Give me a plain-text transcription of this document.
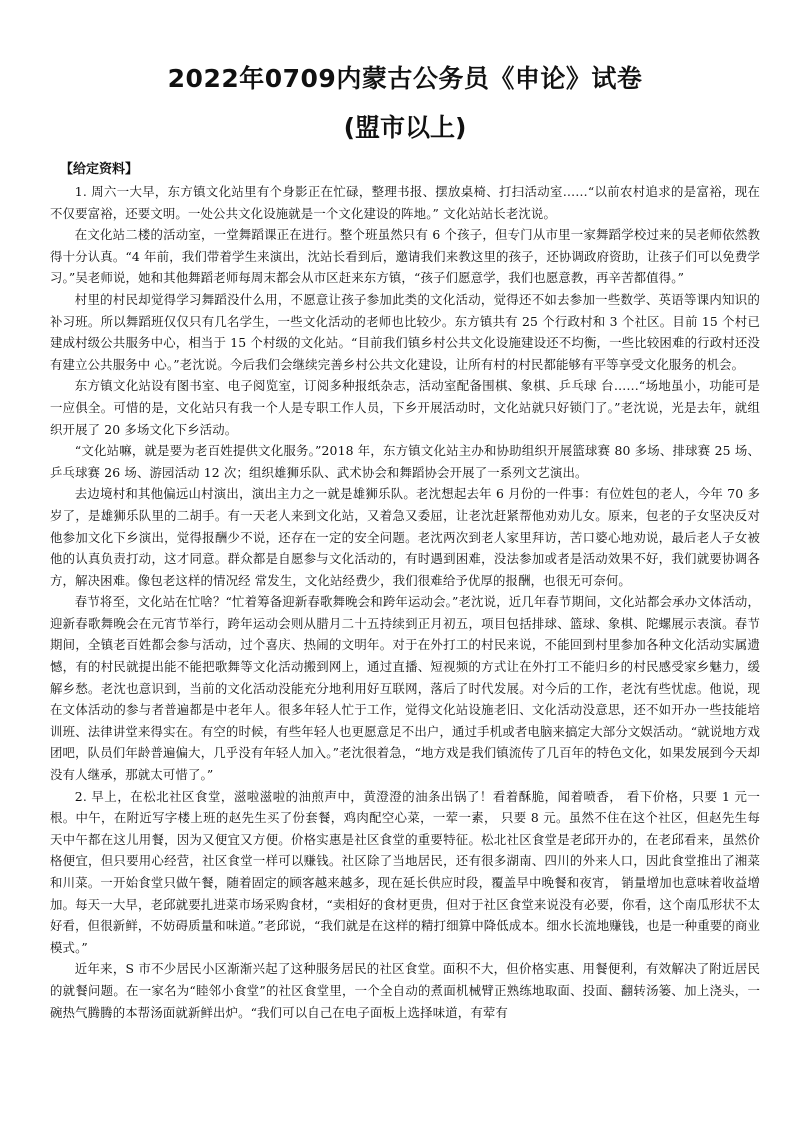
2022年0709内蒙古公务员《申论》试卷
(盟市以上)
【给定资料】

1. 周六一大早，东方镇文化站里有个身影正在忙碌，整理书报、摆放桌椅、打扫活动室……“以前农村追求的是富裕，现在不仅要富裕，还要文明。一处公共文化设施就是一个文化建设的阵地。” 文化站站长老沈说。

在文化站二楼的活动室，一堂舞蹈课正在进行。整个班虽然只有 6 个孩子，但专门从市里一家舞蹈学校过来的吴老师依然教得十分认真。“4 年前，我们带着学生来演出，沈站长看到后，邀请我们来教这里的孩子，还协调政府资助，让孩子们可以免费学习。”吴老师说，她和其他舞蹈老师每周末都会从市区赶来东方镇，“孩子们愿意学，我们也愿意教，再辛苦都值得。”

村里的村民却觉得学习舞蹈没什么用，不愿意让孩子参加此类的文化活动，觉得还不如去参加一些数学、英语等课内知识的补习班。所以舞蹈班仅仅只有几名学生，一些文化活动的老师也比较少。东方镇共有 25 个行政村和 3 个社区。目前 15 个村已建成村级公共服务中心，相当于 15 个村级的文化站。“目前我们镇乡村公共文化设施建设还不均衡，一些比较困难的行政村还没有建立公共服务中 心。”老沈说。今后我们会继续完善乡村公共文化建设，让所有村的村民都能够有平等享受文化服务的机会。

东方镇文化站设有图书室、电子阅览室，订阅多种报纸杂志，活动室配备围棋、象棋、乒乓球 台……“场地虽小，功能可是一应俱全。可惜的是，文化站只有我一个人是专职工作人员，下乡开展活动时，文化站就只好锁门了。”老沈说，光是去年，就组织开展了 20 多场文化下乡活动。

“文化站嘛，就是要为老百姓提供文化服务。”2018 年，东方镇文化站主办和协助组织开展篮球赛 80 多场、排球赛 25 场、乒乓球赛 26 场、游园活动 12 次；组织雄狮乐队、武术协会和舞蹈协会开展了一系列文艺演出。

去边境村和其他偏远山村演出，演出主力之一就是雄狮乐队。老沈想起去年 6 月份的一件事：有位姓包的老人，今年 70 多岁了，是雄狮乐队里的二胡手。有一天老人来到文化站，又着急又委屈，让老沈赶紧帮他劝劝儿女。原来，包老的子女坚决反对他参加文化下乡演出，觉得报酬少不说，还存在一定的安全问题。老沈两次到老人家里拜访，苦口婆心地劝说，最后老人子女被他的认真负责打动，这才同意。群众都是自愿参与文化活动的，有时遇到困难，没法参加或者是活动效果不好，我们就要协调各方，解决困难。像包老这样的情况经 常发生，文化站经费少，我们很难给予优厚的报酬，也很无可奈何。

春节将至，文化站在忙啥？“忙着筹备迎新春歌舞晚会和跨年运动会。”老沈说，近几年春节期间，文化站都会承办文体活动，迎新春歌舞晚会在元宵节举行，跨年运动会则从腊月二十五持续到正月初五，项目包括排球、篮球、象棋、陀螺展示表演。春节期间，全镇老百姓都会参与活动，过个喜庆、热闹的文明年。对于在外打工的村民来说，不能回到村里参加各种文化活动实属遗憾，有的村民就提出能不能把歌舞等文化活动搬到网上，通过直播、短视频的方式让在外打工不能归乡的村民感受家乡魅力，缓解乡愁。老沈也意识到，当前的文化活动没能充分地利用好互联网，落后了时代发展。对今后的工作，老沈有些忧虑。他说，现在文体活动的参与者普遍都是中老年人。很多年轻人忙于工作，觉得文化站设施老旧、文化活动没意思，还不如开办一些技能培训班、法律讲堂来得实在。有空的时候，有些年轻人也更愿意足不出户，通过手机或者电脑来搞定大部分文娱活动。“就说地方戏团吧，队员们年龄普遍偏大，几乎没有年轻人加入。”老沈很着急，“地方戏是我们镇流传了几百年的特色文化，如果发展到今天却没有人继承，那就太可惜了。”

2. 早上，在松北社区食堂，滋啦滋啦的油煎声中，黄澄澄的油条出锅了！看着酥脆，闻着喷香， 看下价格，只要 1 元一根。中午，在附近写字楼上班的赵先生买了份套餐，鸡肉配空心菜，一荤一素， 只要 8 元。虽然不住在这个社区，但赵先生每天中午都在这儿用餐，因为又便宜又方便。价格实惠是社区食堂的重要特征。松北社区食堂是老邱开办的，在老邱看来，虽然价格便宜，但只要用心经营，社区食堂一样可以赚钱。社区除了当地居民，还有很多湖南、四川的外来人口，因此食堂推出了湘菜和川菜。一开始食堂只做午餐，随着固定的顾客越来越多，现在延长供应时段，覆盖早中晚餐和夜宵， 销量增加也意味着收益增加。每天一大早，老邱就要扎进菜市场采购食材，“卖相好的食材更贵，但对于社区食堂来说没有必要，你看，这个南瓜形状不太好看，但很新鲜，不妨碍质量和味道。”老邱说，“我们就是在这样的精打细算中降低成本。细水长流地赚钱，也是一种重要的商业模式。”

近年来，S 市不少居民小区渐渐兴起了这种服务居民的社区食堂。面积不大，但价格实惠、用餐便利，有效解决了附近居民的就餐问题。在一家名为“睦邻小食堂”的社区食堂里，一个全自动的煮面机械臂正熟练地取面、投面、翻转汤篓、加上浇头，一碗热气腾腾的本帮汤面就新鲜出炉。“我们可以自己在电子面板上选择味道，有荤有
